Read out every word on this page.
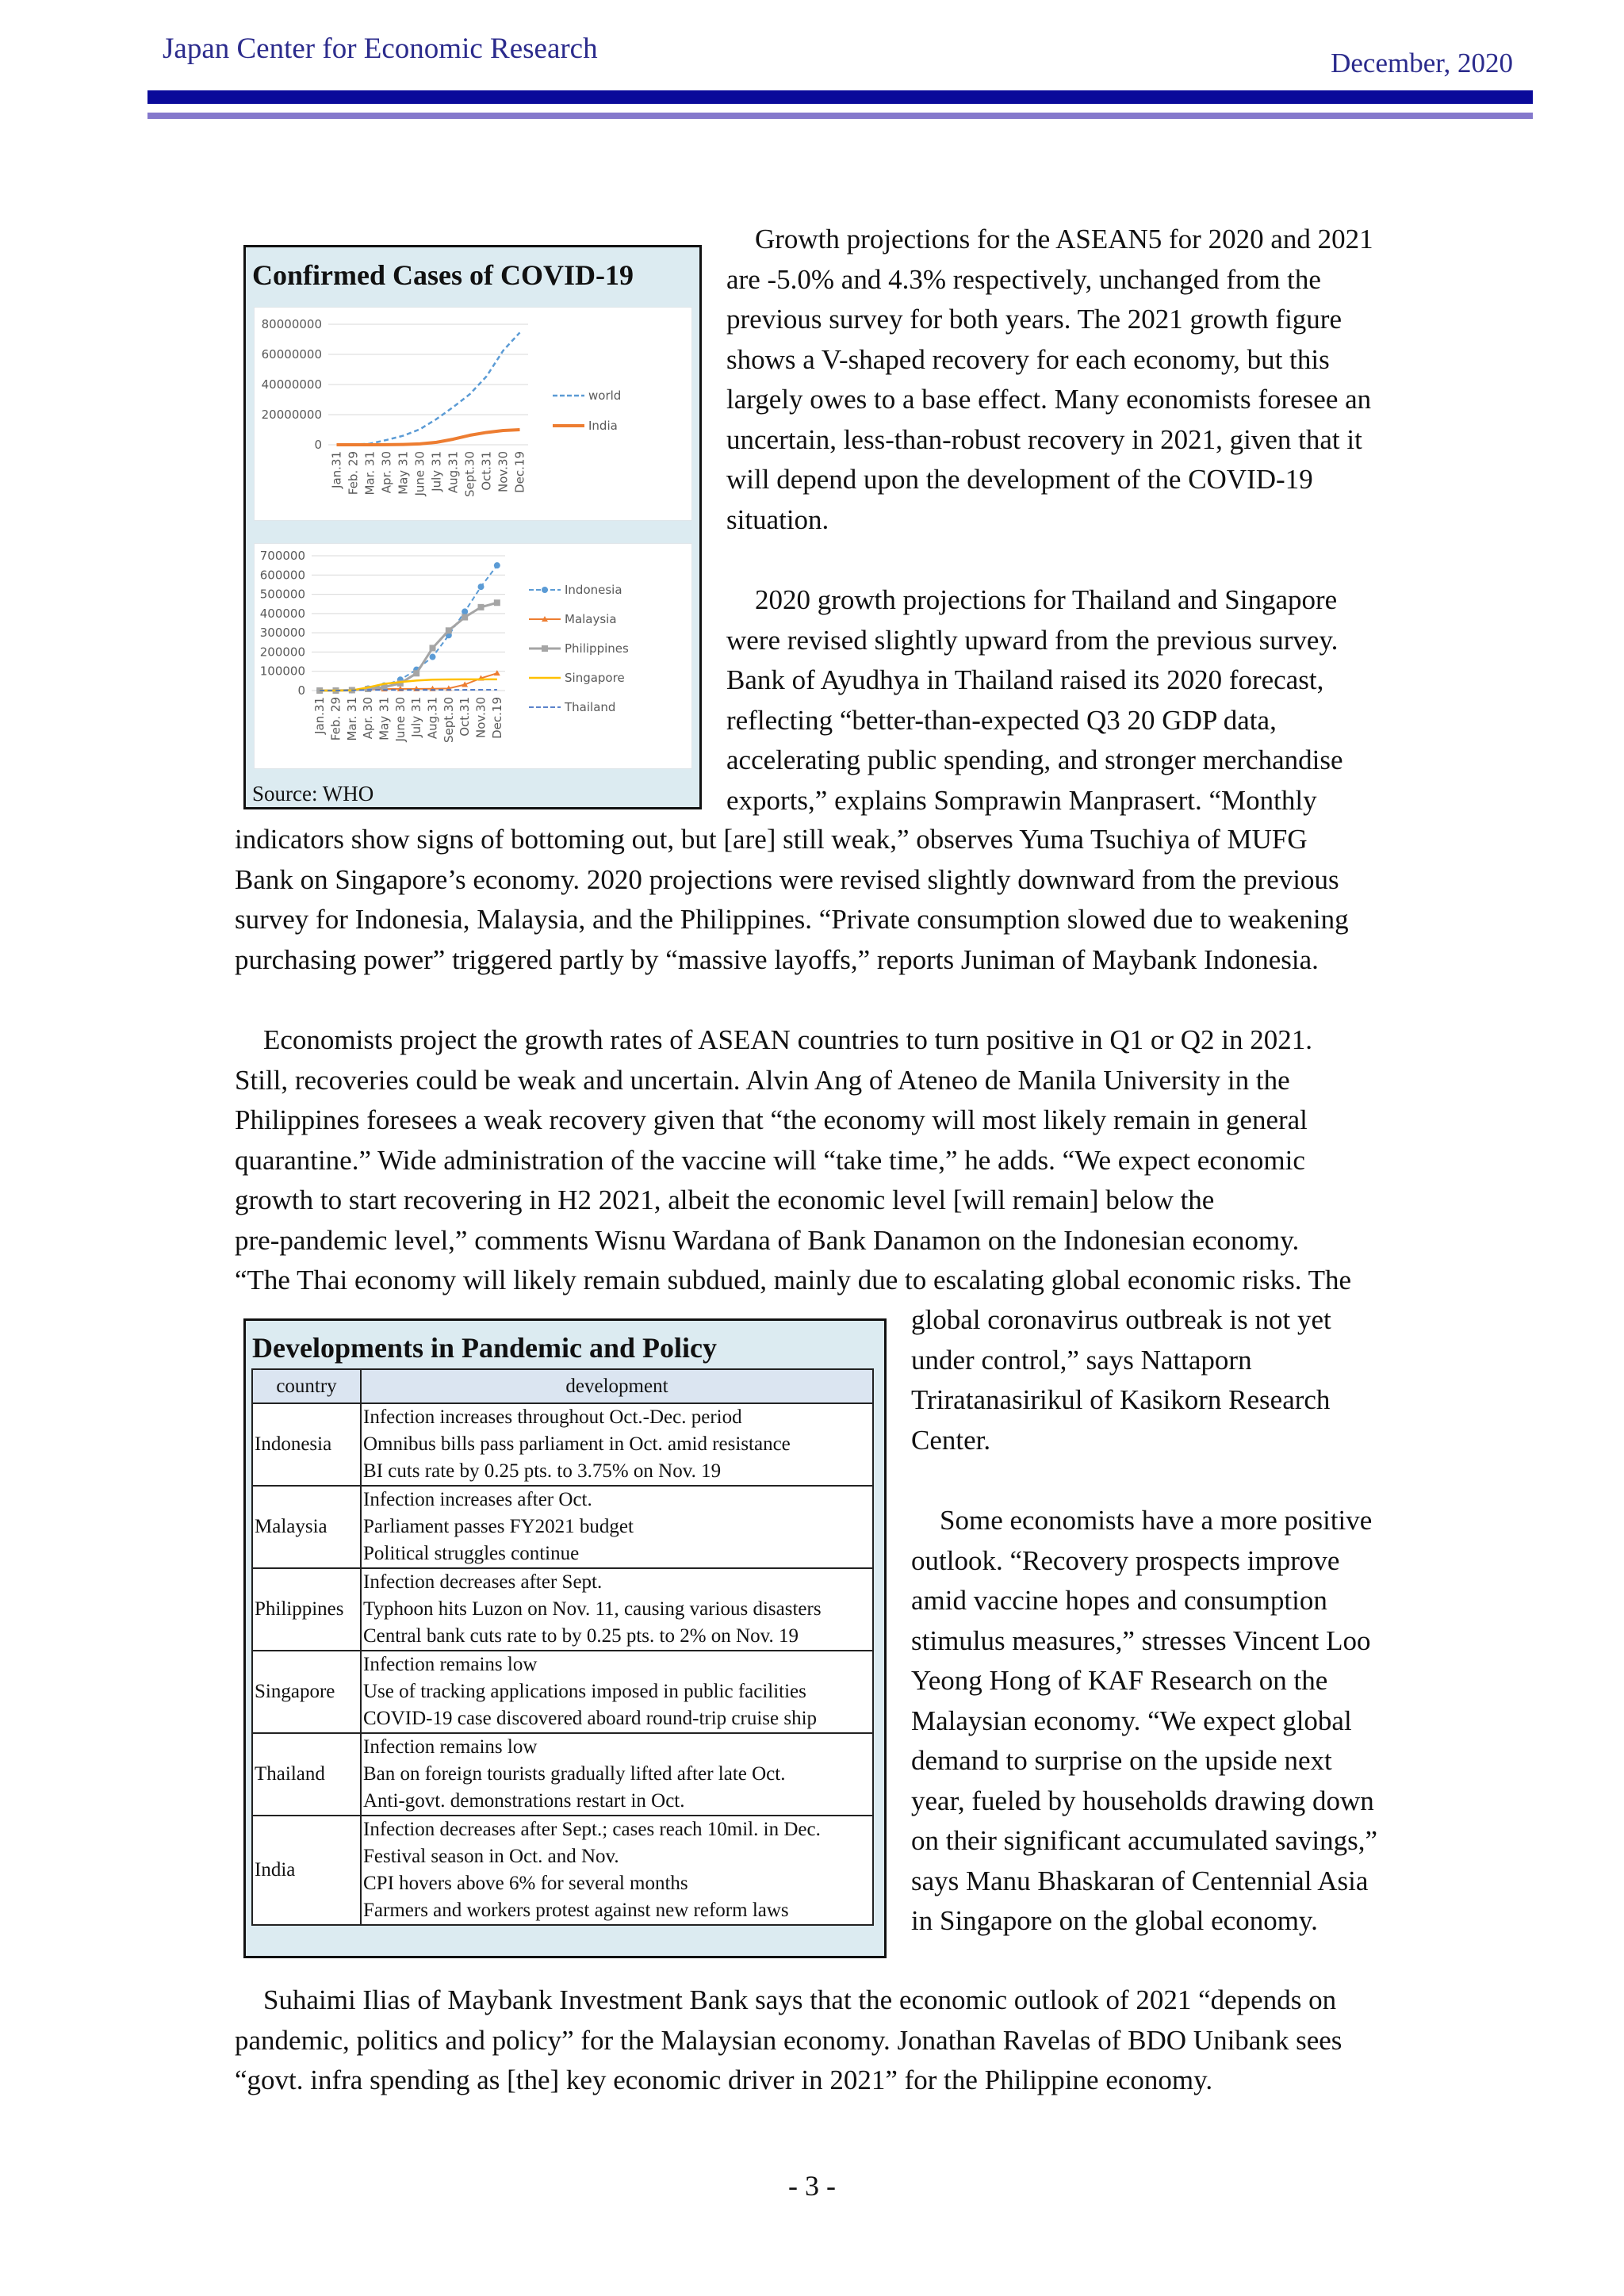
Japan Center for Economic Research	December, 2020
Confirmed Cases of COVID-19
Source: WHO
0
20000000
40000000
60000000
80000000
Jan.31 Feb. 29 Mar. 31 Apr. 30 May 31 June 30 July 31 Aug.31 Sept.30 Oct.31 Nov.30 Dec.19
world
India
0
100000
200000
300000
400000
500000
600000
700000
Jan.31 Feb. 29 Mar. 31 Apr. 30 May 31 June 30 July 31 Aug.31 Sept.30 Oct.31 Nov.30 Dec.19
Indonesia
Malaysia
Philippines
Singapore
Thailand
Growth projections for the ASEAN5 for 2020 and 2021
are -5.0% and 4.3% respectively, unchanged from the
previous survey for both years. The 2021 growth figure
shows a V-shaped recovery for each economy, but this
largely owes to a base effect. Many economists foresee an
uncertain, less-than-robust recovery in 2021, given that it
will depend upon the development of the COVID-19
situation.
2020 growth projections for Thailand and Singapore
were revised slightly upward from the previous survey.
Bank of Ayudhya in Thailand raised its 2020 forecast,
reflecting “better-than-expected Q3 20 GDP data,
accelerating public spending, and stronger merchandise
exports,” explains Somprawin Manprasert. “Monthly
indicators show signs of bottoming out, but [are] still weak,” observes Yuma Tsuchiya of MUFG
Bank on Singapore’s economy. 2020 projections were revised slightly downward from the previous
survey for Indonesia, Malaysia, and the Philippines. “Private consumption slowed due to weakening
purchasing power” triggered partly by “massive layoffs,” reports Juniman of Maybank Indonesia.
Economists project the growth rates of ASEAN countries to turn positive in Q1 or Q2 in 2021.
Still, recoveries could be weak and uncertain. Alvin Ang of Ateneo de Manila University in the
Philippines foresees a weak recovery given that “the economy will most likely remain in general
quarantine.” Wide administration of the vaccine will “take time,” he adds. “We expect economic
growth to start recovering in H2 2021, albeit the economic level [will remain] below the
pre-pandemic level,” comments Wisnu Wardana of Bank Danamon on the Indonesian economy.
“The Thai economy will likely remain subdued, mainly due to escalating global economic risks. The
global coronavirus outbreak is not yet
under control,” says Nattaporn
Triratanasirikul of Kasikorn Research
Center.
Some economists have a more positive
outlook. “Recovery prospects improve
amid vaccine hopes and consumption
stimulus measures,” stresses Vincent Loo
Yeong Hong of KAF Research on the
Malaysian economy. “We expect global
demand to surprise on the upside next
year, fueled by households drawing down
on their significant accumulated savings,”
says Manu Bhaskaran of Centennial Asia
in Singapore on the global economy.
Suhaimi Ilias of Maybank Investment Bank says that the economic outlook of 2021 “depends on
pandemic, politics and policy” for the Malaysian economy. Jonathan Ravelas of BDO Unibank sees
“govt. infra spending as [the] key economic driver in 2021” for the Philippine economy.
Developments in Pandemic and Policy
country	development
Indonesia	Infection increases throughout Oct.-Dec. period
Omnibus bills pass parliament in Oct. amid resistance
BI cuts rate by 0.25 pts. to 3.75% on Nov. 19

Malaysia	Infection increases after Oct.
Parliament passes FY2021 budget
Political struggles continue

Philippines	Infection decreases after Sept.
Typhoon hits Luzon on Nov. 11, causing various disasters
Central bank cuts rate to by 0.25 pts. to 2% on Nov. 19

Singapore	Infection remains low
Use of tracking applications imposed in public facilities
COVID-19 case discovered aboard round-trip cruise ship

Thailand	Infection remains low
Ban on foreign tourists gradually lifted after late Oct.
Anti-govt. demonstrations restart in Oct.

India	Infection decreases after Sept.; cases reach 10mil. in Dec.
Festival season in Oct. and Nov.
CPI hovers above 6% for several months
Farmers and workers protest against new reform laws
- 3 -
